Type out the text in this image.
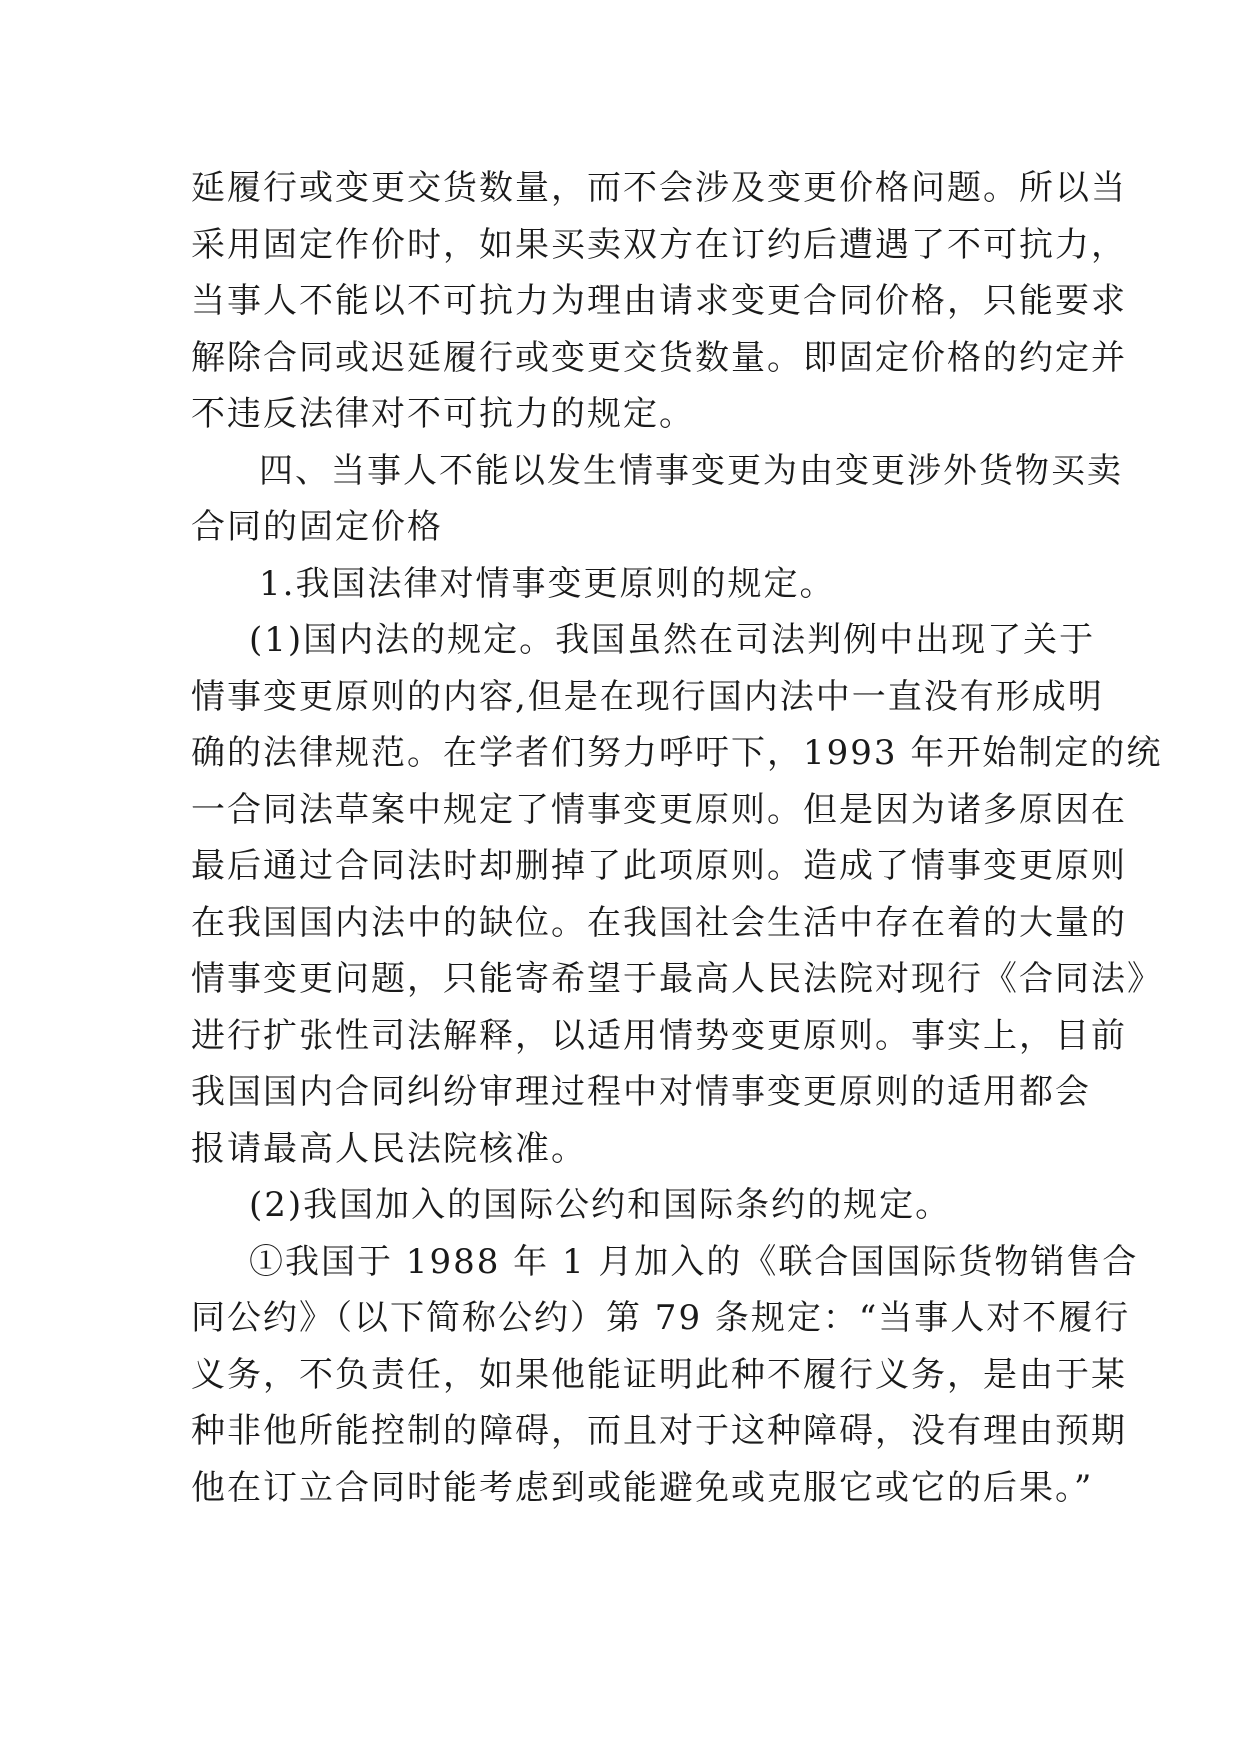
延履行或变更交货数量，而不会涉及变更价格问题。所以当
采用固定作价时，如果买卖双方在订约后遭遇了不可抗力，
当事人不能以不可抗力为理由请求变更合同价格，只能要求
解除合同或迟延履行或变更交货数量。即固定价格的约定并
不违反法律对不可抗力的规定。
四、当事人不能以发生情事变更为由变更涉外货物买卖
合同的固定价格
1.我国法律对情事变更原则的规定。
(1)国内法的规定。我国虽然在司法判例中出现了关于
情事变更原则的内容,但是在现行国内法中一直没有形成明
确的法律规范。在学者们努力呼吁下，1993 年开始制定的统
一合同法草案中规定了情事变更原则。但是因为诸多原因在
最后通过合同法时却删掉了此项原则。造成了情事变更原则
在我国国内法中的缺位。在我国社会生活中存在着的大量的
情事变更问题，只能寄希望于最高人民法院对现行《合同法》
进行扩张性司法解释，以适用情势变更原则。事实上，目前
我国国内合同纠纷审理过程中对情事变更原则的适用都会
报请最高人民法院核准。
(2)我国加入的国际公约和国际条约的规定。
①我国于 1988 年 1 月加入的《联合国国际货物销售合
同公约》（以下简称公约）第 79 条规定：“当事人对不履行
义务，不负责任，如果他能证明此种不履行义务，是由于某
种非他所能控制的障碍，而且对于这种障碍，没有理由预期
他在订立合同时能考虑到或能避免或克服它或它的后果。”
